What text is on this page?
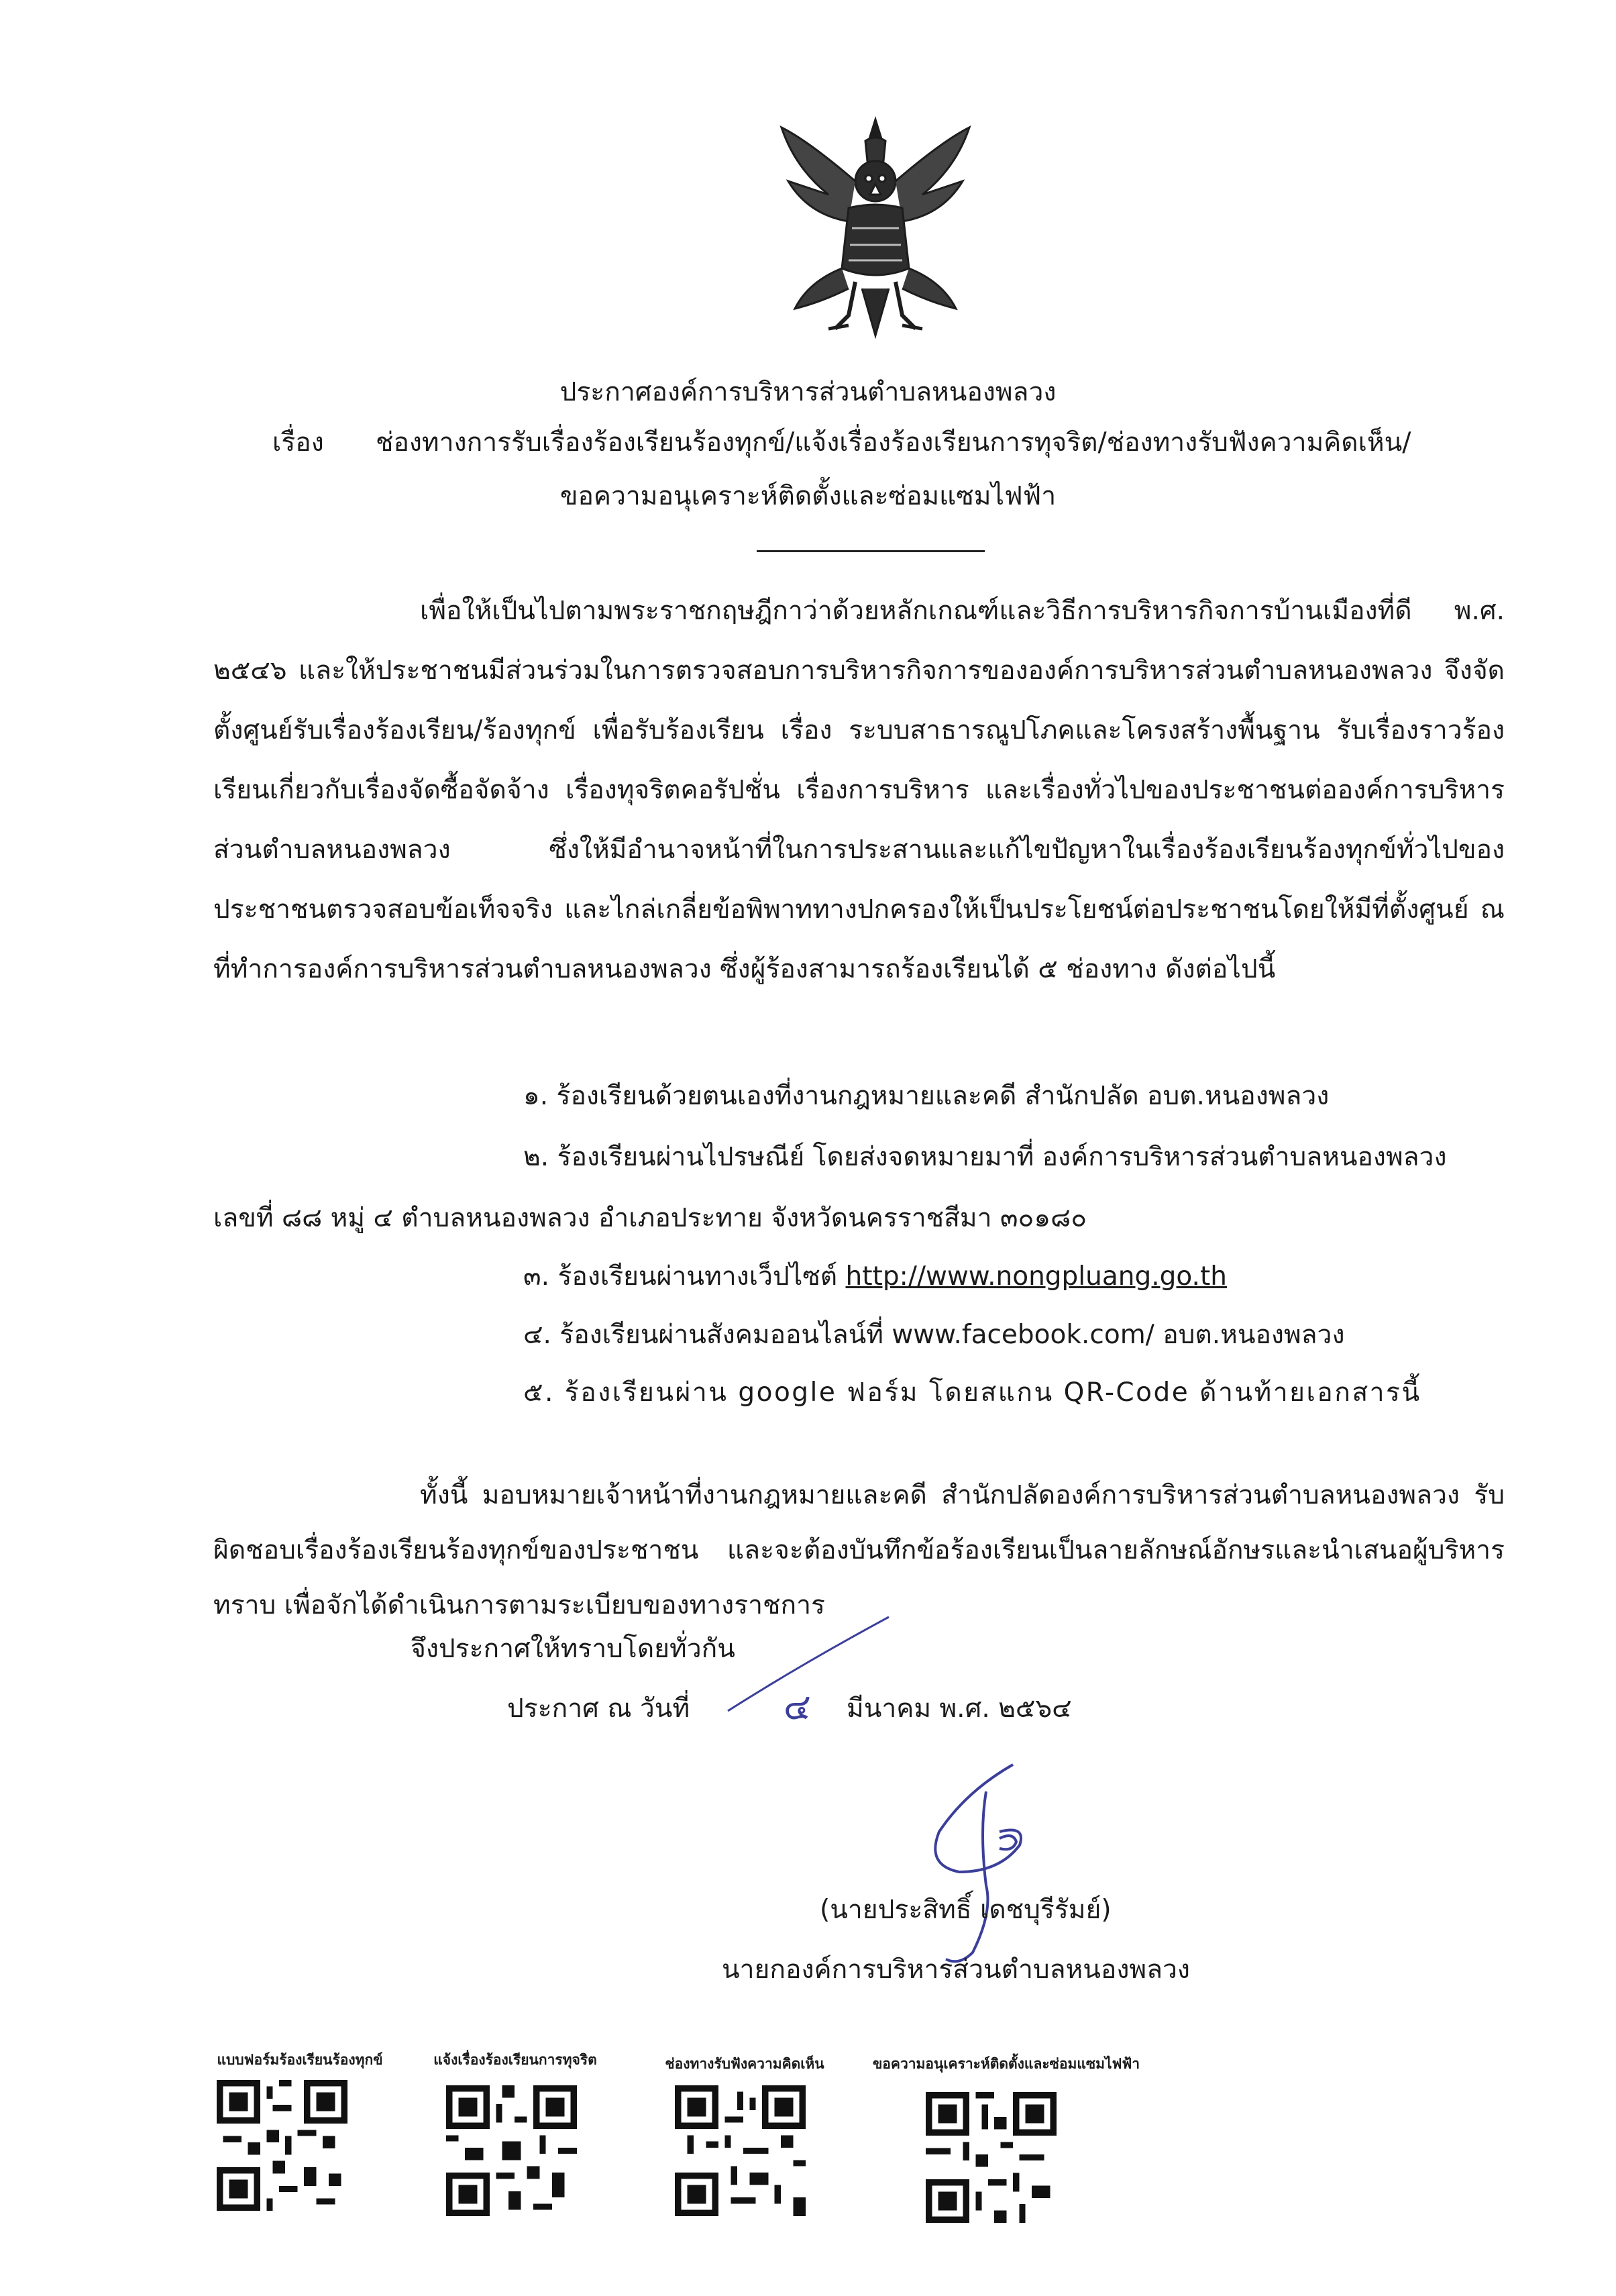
ประกาศองค์การบริหารส่วนตำบลหนองพลวง
เรื่อง ช่องทางการรับเรื่องร้องเรียนร้องทุกข์/แจ้งเรื่องร้องเรียนการทุจริต/ช่องทางรับฟังความคิดเห็น/
ขอความอนุเคราะห์ติดตั้งและซ่อมแซมไฟฟ้า
เพื่อให้เป็นไปตามพระราชกฤษฎีกาว่าด้วยหลักเกณฑ์และวิธีการบริหารกิจการบ้านเมืองที่ดี พ.ศ. ๒๕๔๖ และให้ประชาชนมีส่วนร่วมในการตรวจสอบการบริหารกิจการขององค์การบริหารส่วนตำบลหนองพลวง จึงจัดตั้งศูนย์รับเรื่องร้องเรียน/ร้องทุกข์ เพื่อรับร้องเรียน เรื่อง ระบบสาธารณูปโภคและโครงสร้างพื้นฐาน รับเรื่องราวร้องเรียนเกี่ยวกับเรื่องจัดซื้อจัดจ้าง เรื่องทุจริตคอรัปชั่น เรื่องการบริหาร และเรื่องทั่วไปของประชาชนต่อองค์การบริหารส่วนตำบลหนองพลวง ซึ่งให้มีอำนาจหน้าที่ในการประสานและแก้ไขปัญหาในเรื่องร้องเรียนร้องทุกข์ทั่วไปของประชาชนตรวจสอบข้อเท็จจริง และไกล่เกลี่ยข้อพิพาททางปกครองให้เป็นประโยชน์ต่อประชาชนโดยให้มีที่ตั้งศูนย์ ณ ที่ทำการองค์การบริหารส่วนตำบลหนองพลวง ซึ่งผู้ร้องสามารถร้องเรียนได้ ๕ ช่องทาง ดังต่อไปนี้
๑. ร้องเรียนด้วยตนเองที่งานกฎหมายและคดี สำนักปลัด อบต.หนองพลวง
๒. ร้องเรียนผ่านไปรษณีย์ โดยส่งจดหมายมาที่ องค์การบริหารส่วนตำบลหนองพลวง
เลขที่ ๘๘ หมู่ ๔ ตำบลหนองพลวง อำเภอประทาย จังหวัดนครราชสีมา ๓๐๑๘๐
๓. ร้องเรียนผ่านทางเว็ปไซต์ http://www.nongpluang.go.th
๔. ร้องเรียนผ่านสังคมออนไลน์ที่ www.facebook.com/ อบต.หนองพลวง
๕. ร้องเรียนผ่าน google ฟอร์ม โดยสแกน QR-Code ด้านท้ายเอกสารนี้
ทั้งนี้ มอบหมายเจ้าหน้าที่งานกฎหมายและคดี สำนักปลัดองค์การบริหารส่วนตำบลหนองพลวง รับผิดชอบเรื่องร้องเรียนร้องทุกข์ของประชาชน และจะต้องบันทึกข้อร้องเรียนเป็นลายลักษณ์อักษรและนำเสนอผู้บริหารทราบ เพื่อจักได้ดำเนินการตามระเบียบของทางราชการ
จึงประกาศให้ทราบโดยทั่วกัน
ประกาศ ณ วันที่	๔ มีนาคม พ.ศ. ๒๕๖๔
(นายประสิทธิ์ เดชบุรีรัมย์)
นายกองค์การบริหารส่วนตำบลหนองพลวง
แบบฟอร์มร้องเรียนร้องทุกข์	แจ้งเรื่องร้องเรียนการทุจริต	ช่องทางรับฟังความคิดเห็น	ขอความอนุเคราะห์ติดตั้งและซ่อมแซมไฟฟ้า
